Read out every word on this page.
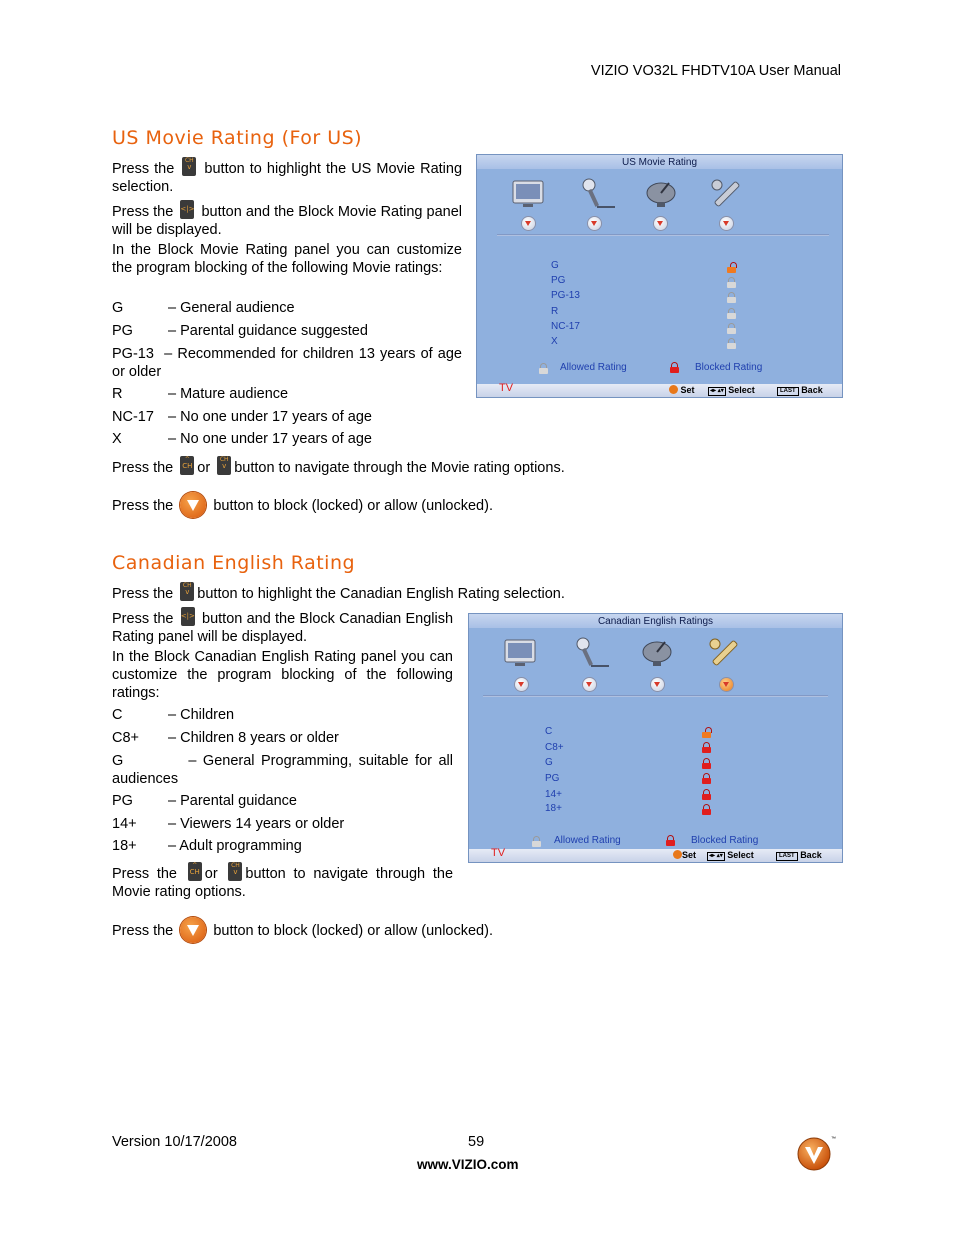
VIZIO VO32L FHDTV10A User Manual
US Movie Rating (For US)
Press the
CH
v button to highlight the US Movie Rating selection.
Press the <|> button and the Block Movie Rating panel will be displayed.
In the Block Movie Rating panel you can customize the program blocking of the following Movie ratings:
G	– General audience
PG – Parental guidance suggested
PG-13 – Recommended for children 13 years of age or older
R	– Mature audience
NC-17 – No one under 17 years of age
X	– No one under 17 years of age
Press the
^
CH or
CH
v button to navigate through the Movie rating options.
Press the	button to block (locked) or allow (unlocked).
US Movie Rating
G
PG
PG-13
R
NC-17
X
Allowed Rating	Blocked Rating
TV	Set	◂▸ ▴▾ Select	LAST Back
Canadian English Rating
Press the
CH
v button to highlight the Canadian English Rating selection.
Press the <|> button and the Block Canadian English Rating panel will be displayed.
In the Block Canadian English Rating panel you can customize the program blocking of the following ratings:
C	– Children
C8+ – Children 8 years or older
G	– General Programming, suitable for all audiences
PG – Parental guidance
14+ – Viewers 14 years or older
18+ – Adult programming
Press the
^
CH or
CH
v button to navigate through the Movie rating options.
Press the	button to block (locked) or allow (unlocked).
Canadian English Ratings
C
C8+
G
PG
14+
18+
Allowed Rating	Blocked Rating
TV	Set	◂▸ ▴▾ Select	LAST Back
Version 10/17/2008	59
www.VIZIO.com
™
